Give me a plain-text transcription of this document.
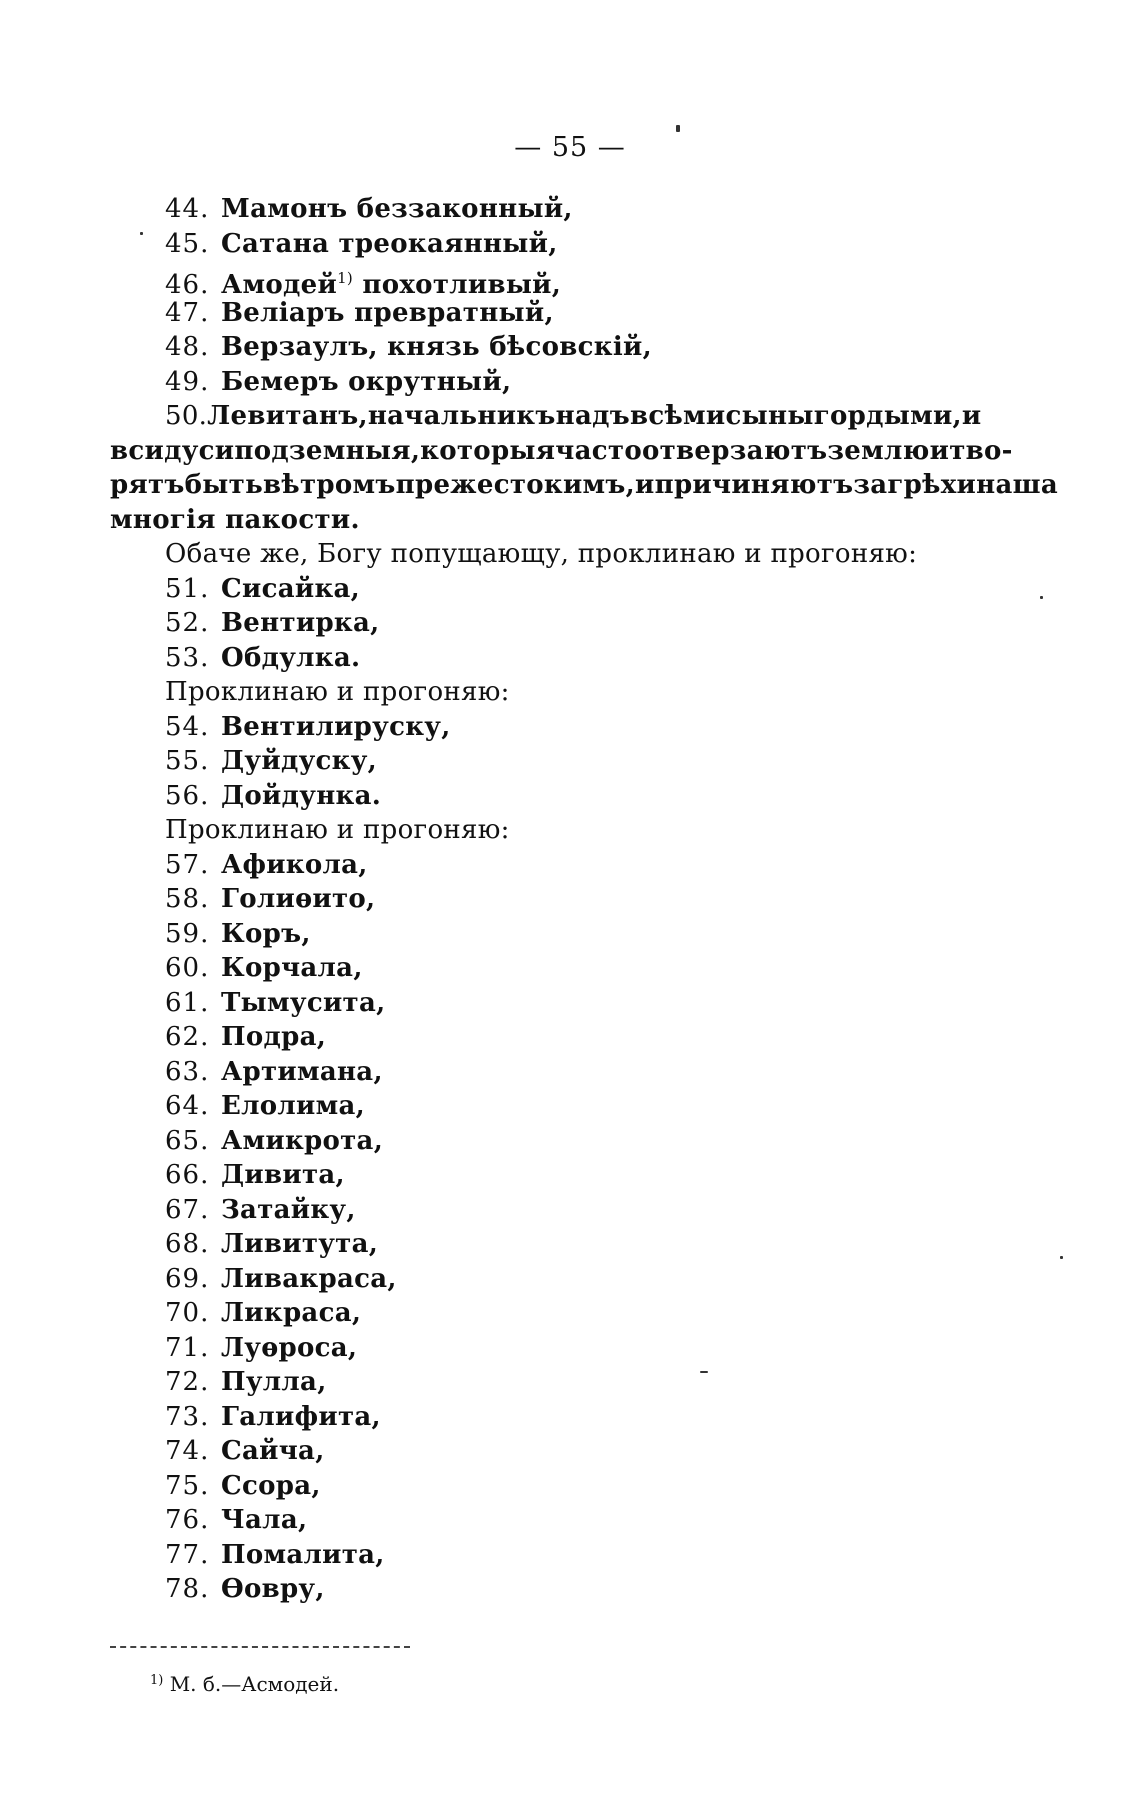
— 55 —
44. Мамонъ беззаконный,
45. Сатана треокаянный,
46. Амодей$^{1)}$ похотливый,
47. Веліаръ превратный,
48. Верзаулъ, князь бѣсовскій,
49. Бемеръ окрутный,
50. Левитанъ, начальникъ надъ всѣми сыны гордыми, и
вси дуси подземныя, которыя часто отверзаютъ землю и тво-
рятъ быть вѣтромъ прежестокимъ, и причиняютъ за грѣхи наша
многія пакости.
Обаче же, Богу попущающу, проклинаю и прогоняю:
51. Сисайка,
52. Вентирка,
53. Обдулка.
Проклинаю и прогоняю:
54. Вентилируску,
55. Дуйдуску,
56. Дойдунка.
Проклинаю и прогоняю:
57. Афикола,
58. Голиѳито,
59. Коръ,
60. Корчала,
61. Тымусита,
62. Подра,
63. Артимана,
64. Елолима,
65. Амикрота,
66. Дивита,
67. Затайку,
68. Ливитута,
69. Ливакраса,
70. Ликраса,
71. Луѳроса,
72. Пулла,
73. Галифита,
74. Сайча,
75. Ссора,
76. Чала,
77. Помалита,
78. Ѳовру,
$^{1)}$ М. б.—Асмодей.
